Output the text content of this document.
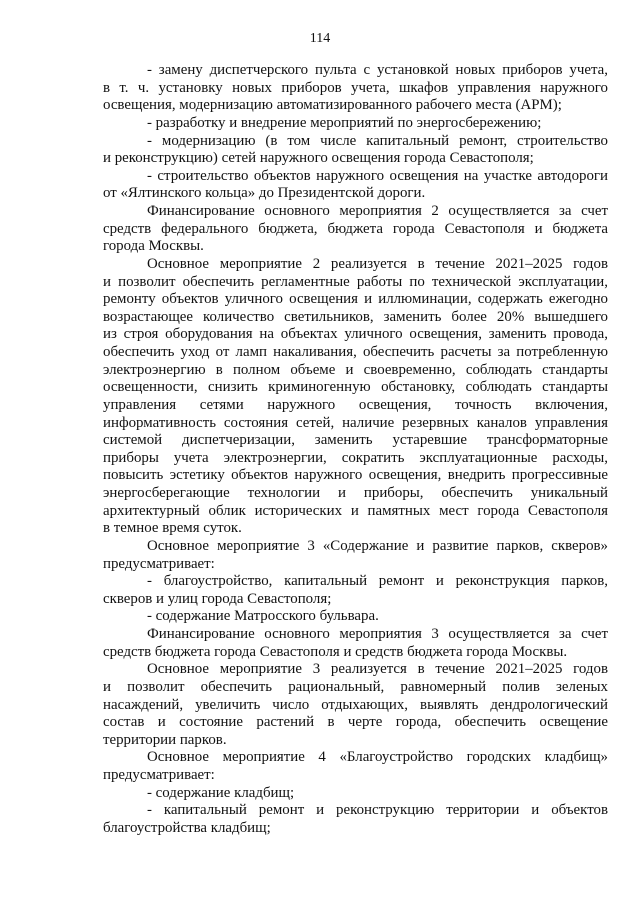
114

- замену диспетчерского пульта с установкой новых приборов учета,

в т. ч. установку новых приборов учета, шкафов управления наружного

освещения, модернизацию автоматизированного рабочего места (АРМ);

- разработку и внедрение мероприятий по энергосбережению;

- модернизацию (в том числе капитальный ремонт, строительство

и реконструкцию) сетей наружного освещения города Севастополя;

- строительство объектов наружного освещения на участке автодороги

от «Ялтинского кольца» до Президентской дороги.

Финансирование основного мероприятия 2 осуществляется за счет

средств федерального бюджета, бюджета города Севастополя и бюджета

города Москвы.

Основное мероприятие 2 реализуется в течение 2021–2025 годов

и позволит обеспечить регламентные работы по технической эксплуатации,

ремонту объектов уличного освещения и иллюминации, содержать ежегодно

возрастающее количество светильников, заменить более 20% вышедшего

из строя оборудования на объектах уличного освещения, заменить провода,

обеспечить уход от ламп накаливания, обеспечить расчеты за потребленную

электроэнергию в полном объеме и своевременно, соблюдать стандарты

освещенности, снизить криминогенную обстановку, соблюдать стандарты

управления сетями наружного освещения, точность включения,

информативность состояния сетей, наличие резервных каналов управления

системой диспетчеризации, заменить устаревшие трансформаторные

приборы учета электроэнергии, сократить эксплуатационные расходы,

повысить эстетику объектов наружного освещения, внедрить прогрессивные

энергосберегающие технологии и приборы, обеспечить уникальный

архитектурный облик исторических и памятных мест города Севастополя

в темное время суток.

Основное мероприятие 3 «Содержание и развитие парков, скверов»

предусматривает:

- благоустройство, капитальный ремонт и реконструкция парков,

скверов и улиц города Севастополя;

- содержание Матросского бульвара.

Финансирование основного мероприятия 3 осуществляется за счет

средств бюджета города Севастополя и средств бюджета города Москвы.

Основное мероприятие 3 реализуется в течение 2021–2025 годов

и позволит обеспечить рациональный, равномерный полив зеленых

насаждений, увеличить число отдыхающих, выявлять дендрологический

состав и состояние растений в черте города, обеспечить освещение

территории парков.

Основное мероприятие 4 «Благоустройство городских кладбищ»

предусматривает:

- содержание кладбищ;

- капитальный ремонт и реконструкцию территории и объектов

благоустройства кладбищ;
